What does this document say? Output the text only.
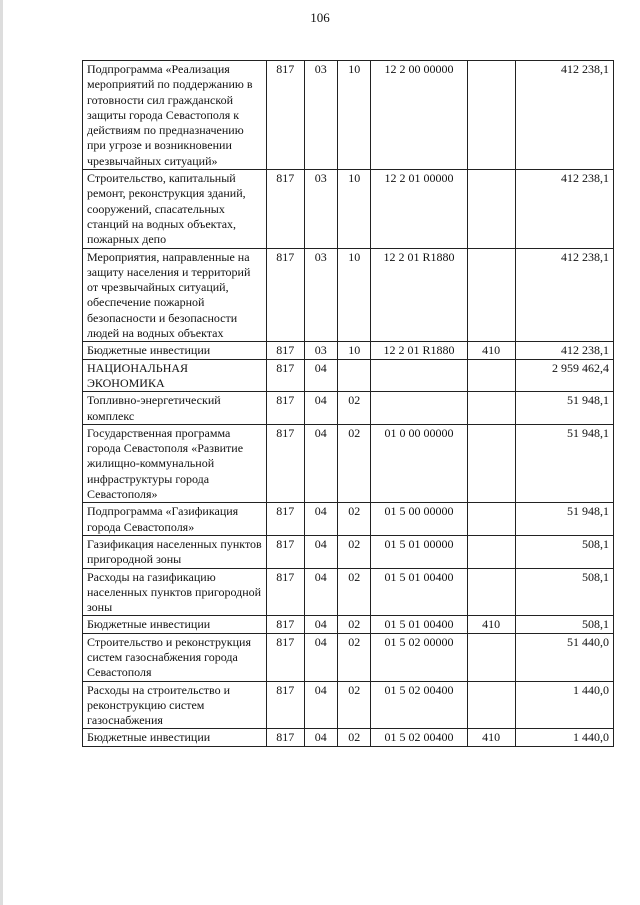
106
Подпрограмма «Реализация мероприятий по поддержанию в готовности сил гражданской защиты города Севастополя к действиям по предназначению при угрозе и возникновении чрезвычайных ситуаций»	817	03	10	12 2 00 00000		412 238,1
Строительство, капитальный ремонт, реконструкция зданий, сооружений, спасательных станций на водных объектах, пожарных депо	817	03	10	12 2 01 00000		412 238,1
Мероприятия, направленные на защиту населения и территорий от чрезвычайных ситуаций, обеспечение пожарной безопасности и безопасности людей на водных объектах	817	03	10	12 2 01 R1880		412 238,1
Бюджетные инвестиции	817	03	10	12 2 01 R1880	410	412 238,1
НАЦИОНАЛЬНАЯ ЭКОНОМИКА	817	04				2 959 462,4
Топливно-энергетический комплекс	817	04	02			51 948,1
Государственная программа города Севастополя «Развитие жилищно-коммунальной инфраструктуры города Севастополя»	817	04	02	01 0 00 00000		51 948,1
Подпрограмма «Газификация города Севастополя»	817	04	02	01 5 00 00000		51 948,1
Газификация населенных пунктов пригородной зоны	817	04	02	01 5 01 00000		508,1
Расходы на газификацию населенных пунктов пригородной зоны	817	04	02	01 5 01 00400		508,1
Бюджетные инвестиции	817	04	02	01 5 01 00400	410	508,1
Строительство и реконструкция систем газоснабжения города Севастополя	817	04	02	01 5 02 00000		51 440,0
Расходы на строительство и реконструкцию систем газоснабжения	817	04	02	01 5 02 00400		1 440,0
Бюджетные инвестиции	817	04	02	01 5 02 00400	410	1 440,0
